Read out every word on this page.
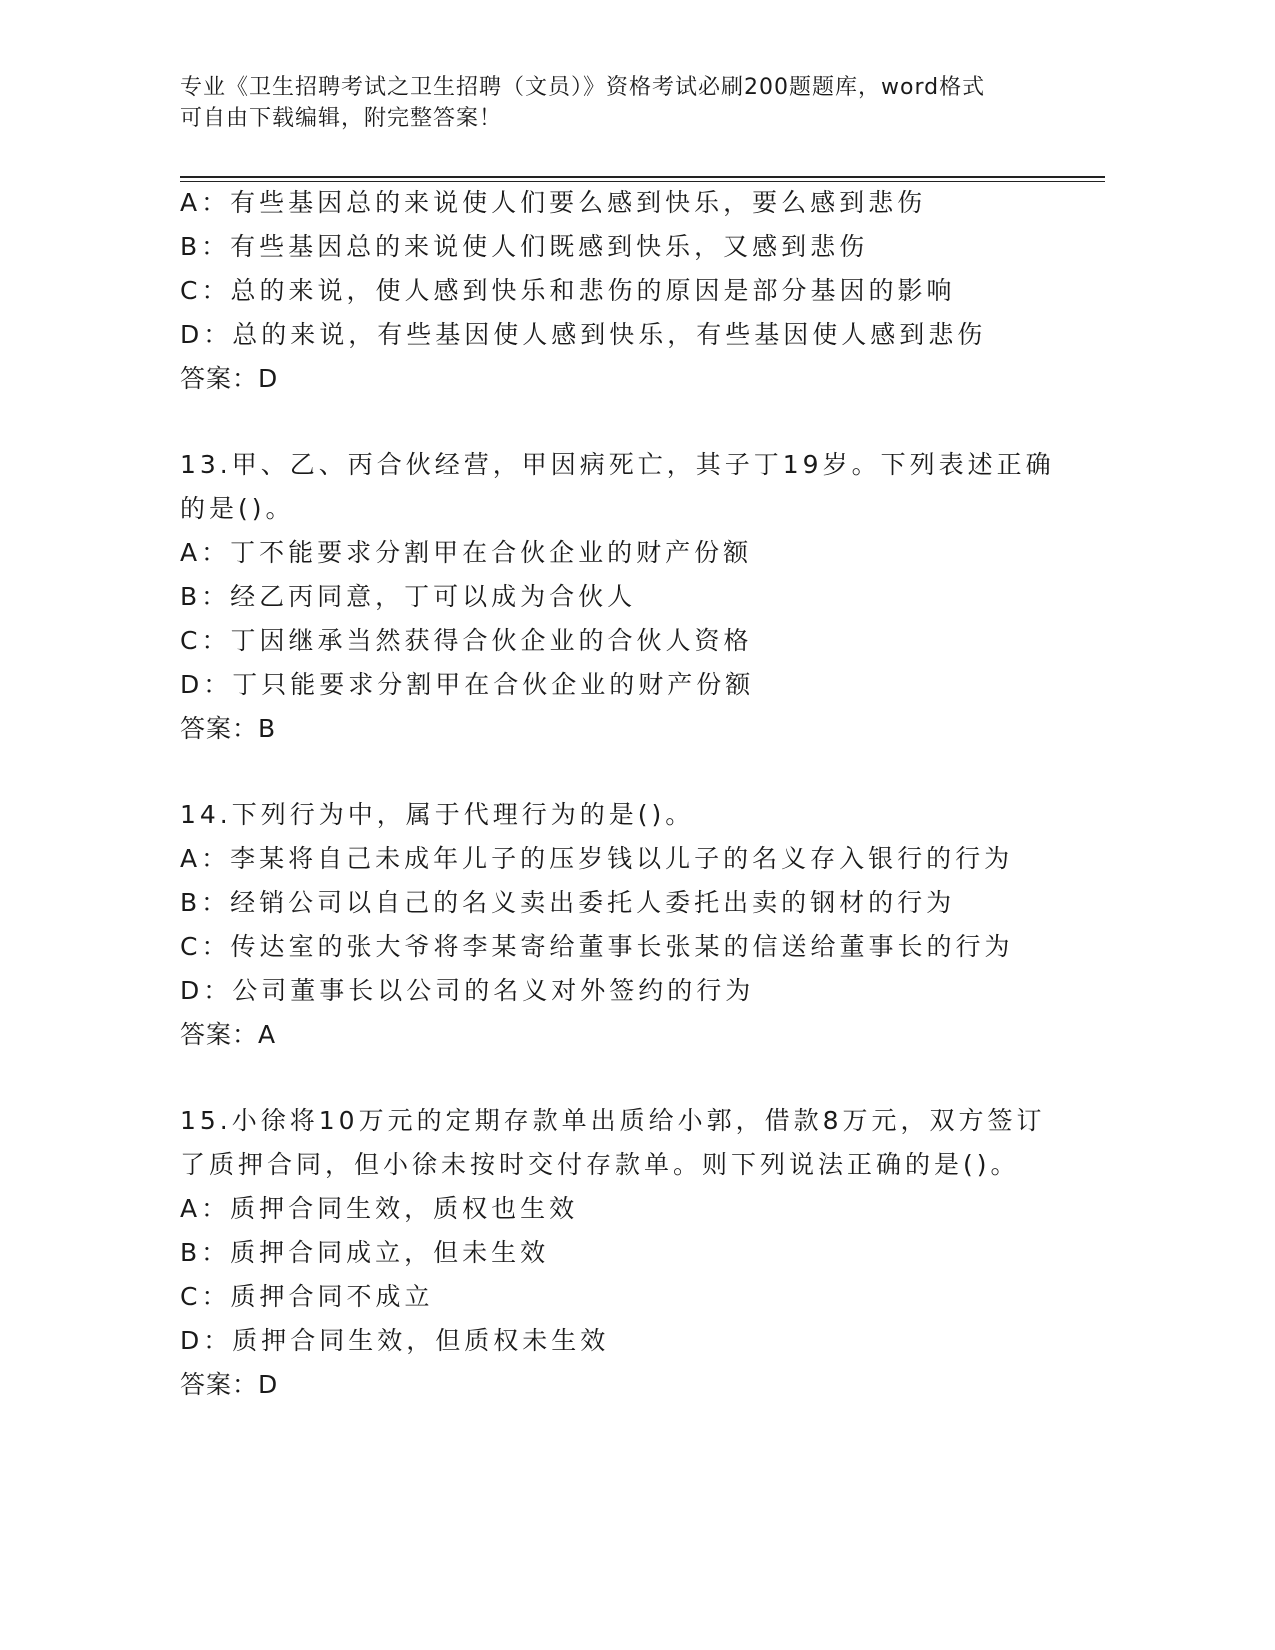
专业《卫生招聘考试之卫生招聘（文员）》资格考试必刷200题题库，word格式
可自由下载编辑，附完整答案！
A：有些基因总的来说使人们要么感到快乐，要么感到悲伤
B：有些基因总的来说使人们既感到快乐，又感到悲伤
C：总的来说，使人感到快乐和悲伤的原因是部分基因的影响
D：总的来说，有些基因使人感到快乐，有些基因使人感到悲伤
答案：D
13.甲、乙、丙合伙经营，甲因病死亡，其子丁19岁。下列表述正确
的是()。
A：丁不能要求分割甲在合伙企业的财产份额
B：经乙丙同意，丁可以成为合伙人
C：丁因继承当然获得合伙企业的合伙人资格
D：丁只能要求分割甲在合伙企业的财产份额
答案：B
14.下列行为中，属于代理行为的是()。
A：李某将自己未成年儿子的压岁钱以儿子的名义存入银行的行为
B：经销公司以自己的名义卖出委托人委托出卖的钢材的行为
C：传达室的张大爷将李某寄给董事长张某的信送给董事长的行为
D：公司董事长以公司的名义对外签约的行为
答案：A
15.小徐将10万元的定期存款单出质给小郭，借款8万元，双方签订
了质押合同，但小徐未按时交付存款单。则下列说法正确的是()。
A：质押合同生效，质权也生效
B：质押合同成立，但未生效
C：质押合同不成立
D：质押合同生效，但质权未生效
答案：D
